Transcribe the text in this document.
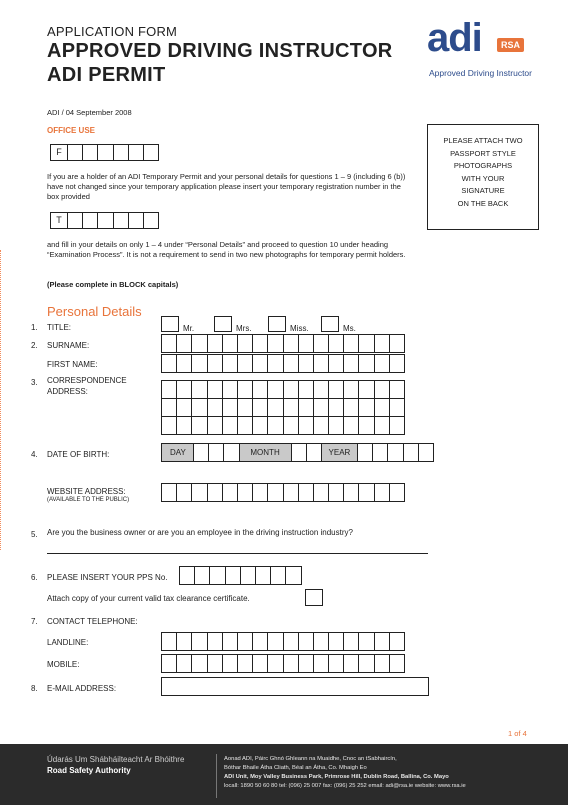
APPLICATION FORM
APPROVED DRIVING INSTRUCTOR
ADI PERMIT
adi	RSA
Approved Driving Instructor
ADI / 04 September 2008
OFFICE USE
F
If you are a holder of an ADI Temporary Permit and your personal details for questions 1 – 9 (including 6 (b)) have not changed since your temporary application please insert your temporary registration number in the box provided
T
and fill in your details on only 1 – 4 under “Personal Details” and proceed to question 10 under heading “Examination Process”. It is not a requirement to send in two new photographs for temporary permit holders.
PLEASE ATTACH TWO
PASSPORT STYLE
PHOTOGRAPHS
WITH YOUR
SIGNATURE
ON THE BACK
(Please complete in BLOCK capitals)
Personal Details
1. TITLE:	Mr.	Mrs.	Miss.	Ms.
2. SURNAME:
FIRST NAME:
3. CORRESPONDENCE
ADDRESS:
4. DATE OF BIRTH:	DAY	MONTH	YEAR
WEBSITE ADDRESS:
(AVAILABLE TO THE PUBLIC)
5. Are you the business owner or are you an employee in the driving instruction industry?
6. PLEASE INSERT YOUR PPS No.
Attach copy of your current valid tax clearance certificate.
7. CONTACT TELEPHONE:
LANDLINE:
MOBILE:
8. E-MAIL ADDRESS:
1 of 4
Údarás Um Shábháilteacht Ar Bhóithre
Road Safety Authority
Aonad ADI, Páirc Ghnó Ghleann na Muaidhe, Cnoc an tSabhaircín,
Bóthar Bhaile Átha Cliath, Béal an Átha, Co. Mhaigh Eo
ADI Unit, Moy Valley Business Park, Primrose Hill, Dublin Road, Ballina, Co. Mayo
locall: 1890 50 60 80 tel: (096) 25 007 fax: (096) 25 252 email: adi@rsa.ie website: www.rsa.ie
